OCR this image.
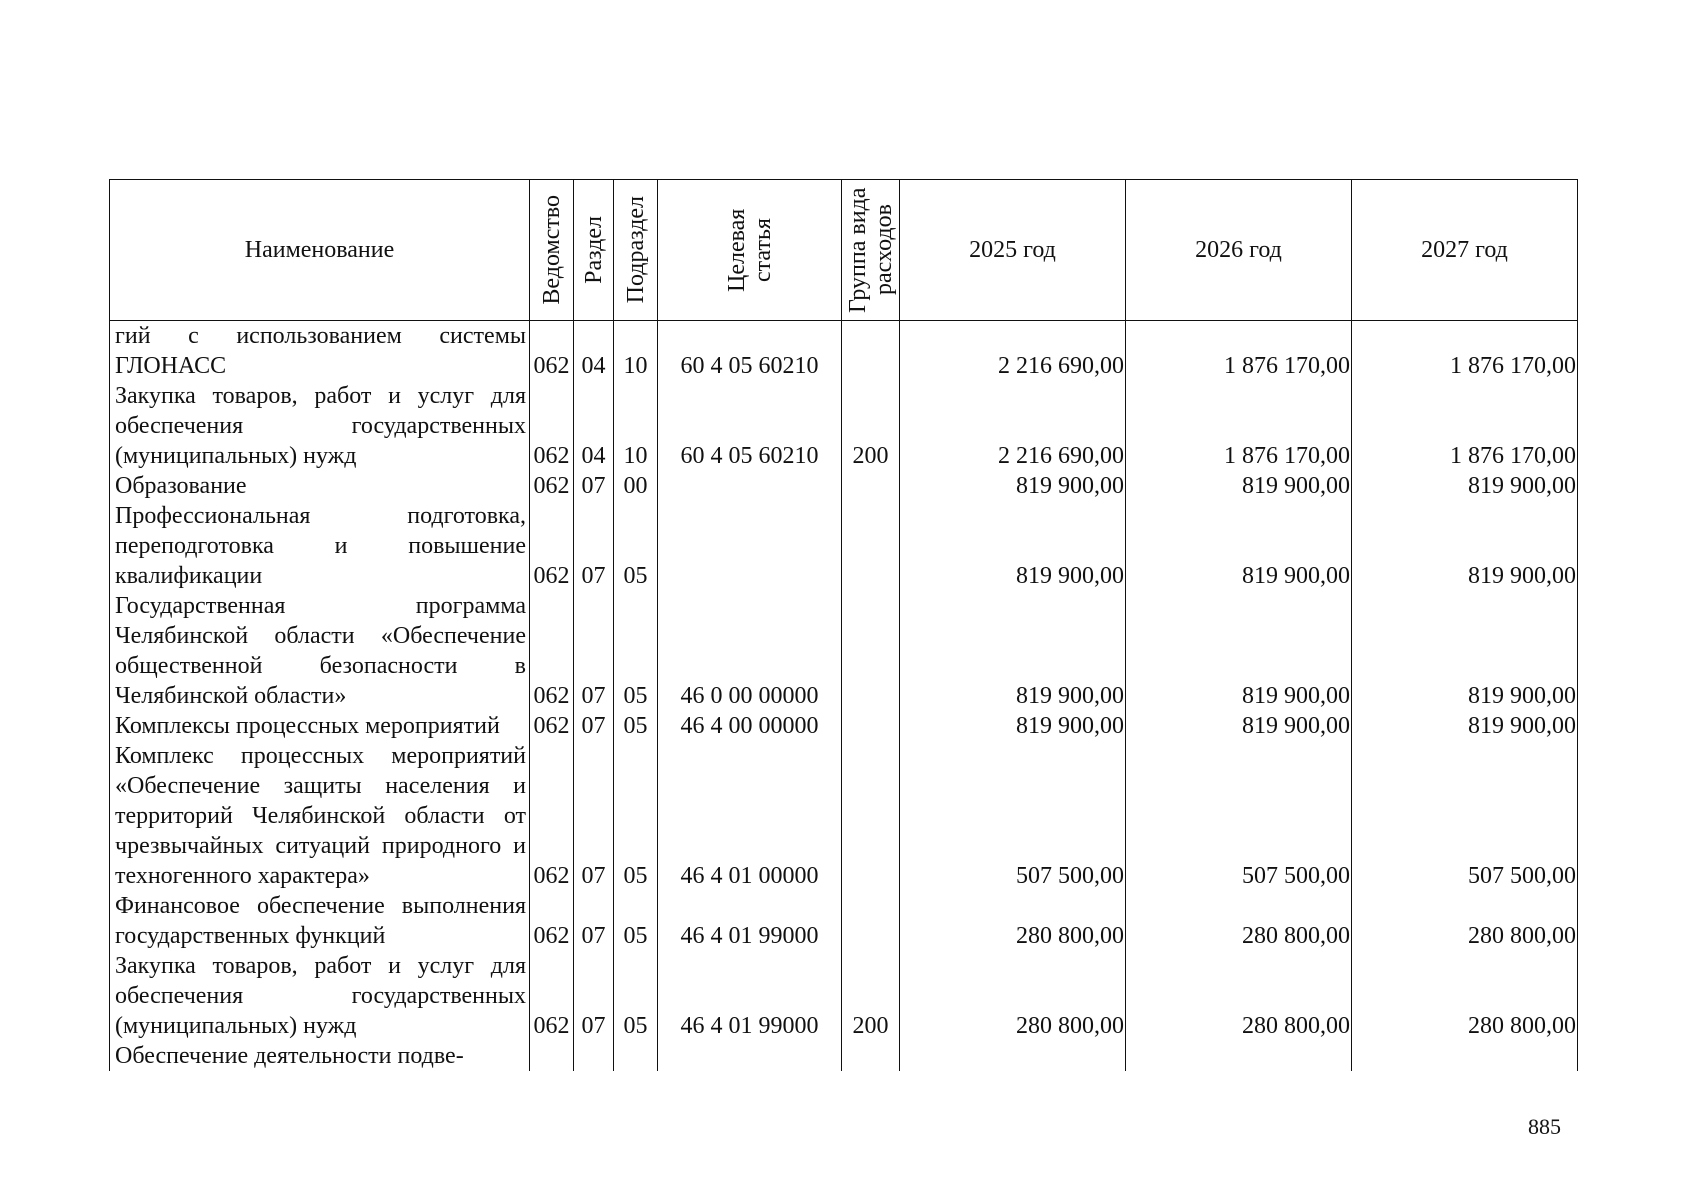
Наименование	Ведомство	Раздел	Подраздел	Целевая статья	Группа вида расходов	2025 год	2026 год	2027 год
гий с использованием системы ГЛОНАСС	062	04	10	60 4 05 60210		2 216 690,00	1 876 170,00	1 876 170,00
Закупка товаров, работ и услуг для обеспечения государственных (муниципальных) нужд	062	04	10	60 4 05 60210	200	2 216 690,00	1 876 170,00	1 876 170,00
Образование	062	07	00			819 900,00	819 900,00	819 900,00
Профессиональная подготовка, переподготовка и повышение квалификации	062	07	05			819 900,00	819 900,00	819 900,00
Государственная программа Челябинской области «Обеспечение общественной безопасности в Челябинской области»	062	07	05	46 0 00 00000		819 900,00	819 900,00	819 900,00
Комплексы процессных мероприятий	062	07	05	46 4 00 00000		819 900,00	819 900,00	819 900,00
Комплекс процессных мероприятий «Обеспечение защиты населения и территорий Челябинской области от чрезвычайных ситуаций природного и техногенного характера»	062	07	05	46 4 01 00000		507 500,00	507 500,00	507 500,00
Финансовое обеспечение выполнения государственных функций	062	07	05	46 4 01 99000		280 800,00	280 800,00	280 800,00
Закупка товаров, работ и услуг для обеспечения государственных (муниципальных) нужд	062	07	05	46 4 01 99000	200	280 800,00	280 800,00	280 800,00
Обеспечение деятельности подве-								
885
